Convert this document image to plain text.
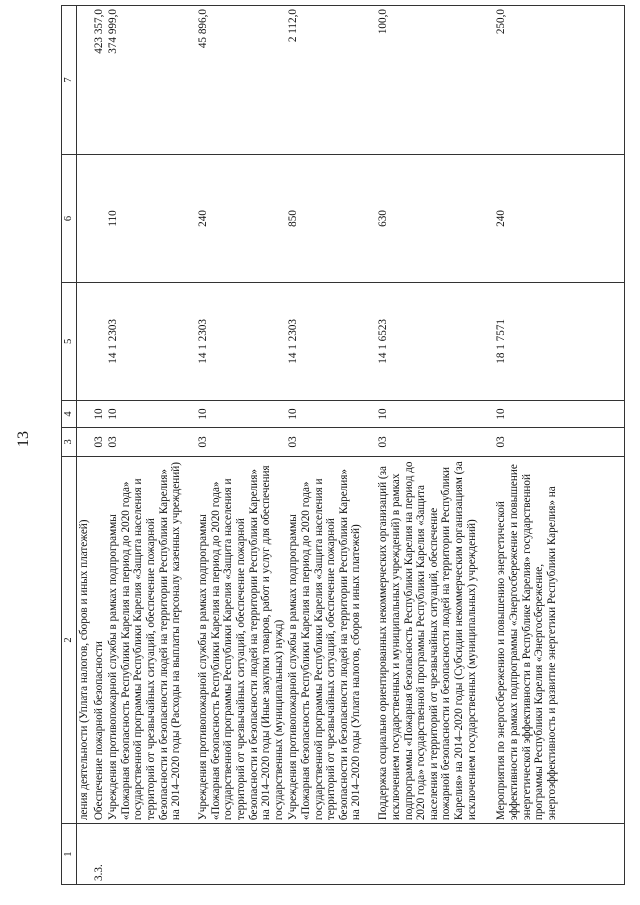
13
1	2	3	4	5	6	7
	ления деятельности (Уплата налогов, сборов и иных платежей)					
3.3.	Обеспечение пожарной безопасности	03	10			423 357,0
	Учреждения противопожарной службы в рамках подпрограммы «Пожарная безопасность Республики Карелия на период до 2020 года» государственной программы Республики Карелия «Защита населения и территорий от чрезвычайных ситуаций, обеспечение пожарной безопасности и безопасности людей на территории Республики Карелия» на 2014–2020 годы (Расходы на выплаты персоналу казенных учреждений)	03	10	14 1 2303	110	374 999,0
	Учреждения противопожарной службы в рамках подпрограммы «Пожарная безопасность Республики Карелия на период до 2020 года» государственной программы Республики Карелия «Защита населения и территорий от чрезвычайных ситуаций, обеспечение пожарной безопасности и безопасности людей на территории Республики Карелия» на 2014–2020 годы (Иные закупки товаров, работ и услуг для обеспечения государственных (муниципальных) нужд)	03	10	14 1 2303	240	45 896,0
	Учреждения противопожарной службы в рамках подпрограммы «Пожарная безопасность Республики Карелия на период до 2020 года» государственной программы Республики Карелия «Защита населения и территорий от чрезвычайных ситуаций, обеспечение пожарной безопасности и безопасности людей на территории Республики Карелия» на 2014–2020 годы (Уплата налогов, сборов и иных платежей)	03	10	14 1 2303	850	2 112,0
	Поддержка социально ориентированных некоммерческих организаций (за исключением государственных и муниципальных учреждений) в рамках подпрограммы «Пожарная безопасность Республики Карелия на период до 2020 года» государственной программы Республики Карелия «Защита населения и территорий от чрезвычайных ситуаций, обеспечение пожарной безопасности и безопасности людей на территории Республики Карелия» на 2014–2020 годы (Субсидии некоммерческим организациям (за исключением государственных (муниципальных) учреждений)	03	10	14 1 6523	630	100,0
	Мероприятия по энергосбережению и повышению энергетической эффективности в рамках подпрограммы «Энергосбережение и повышение энергетической эффективности в Республике Карелия» государственной программы Республики Карелия «Энергосбережение, энергоэффективность и развитие энергетики Республики Карелия» на	03	10	18 1 7571	240	250,0
